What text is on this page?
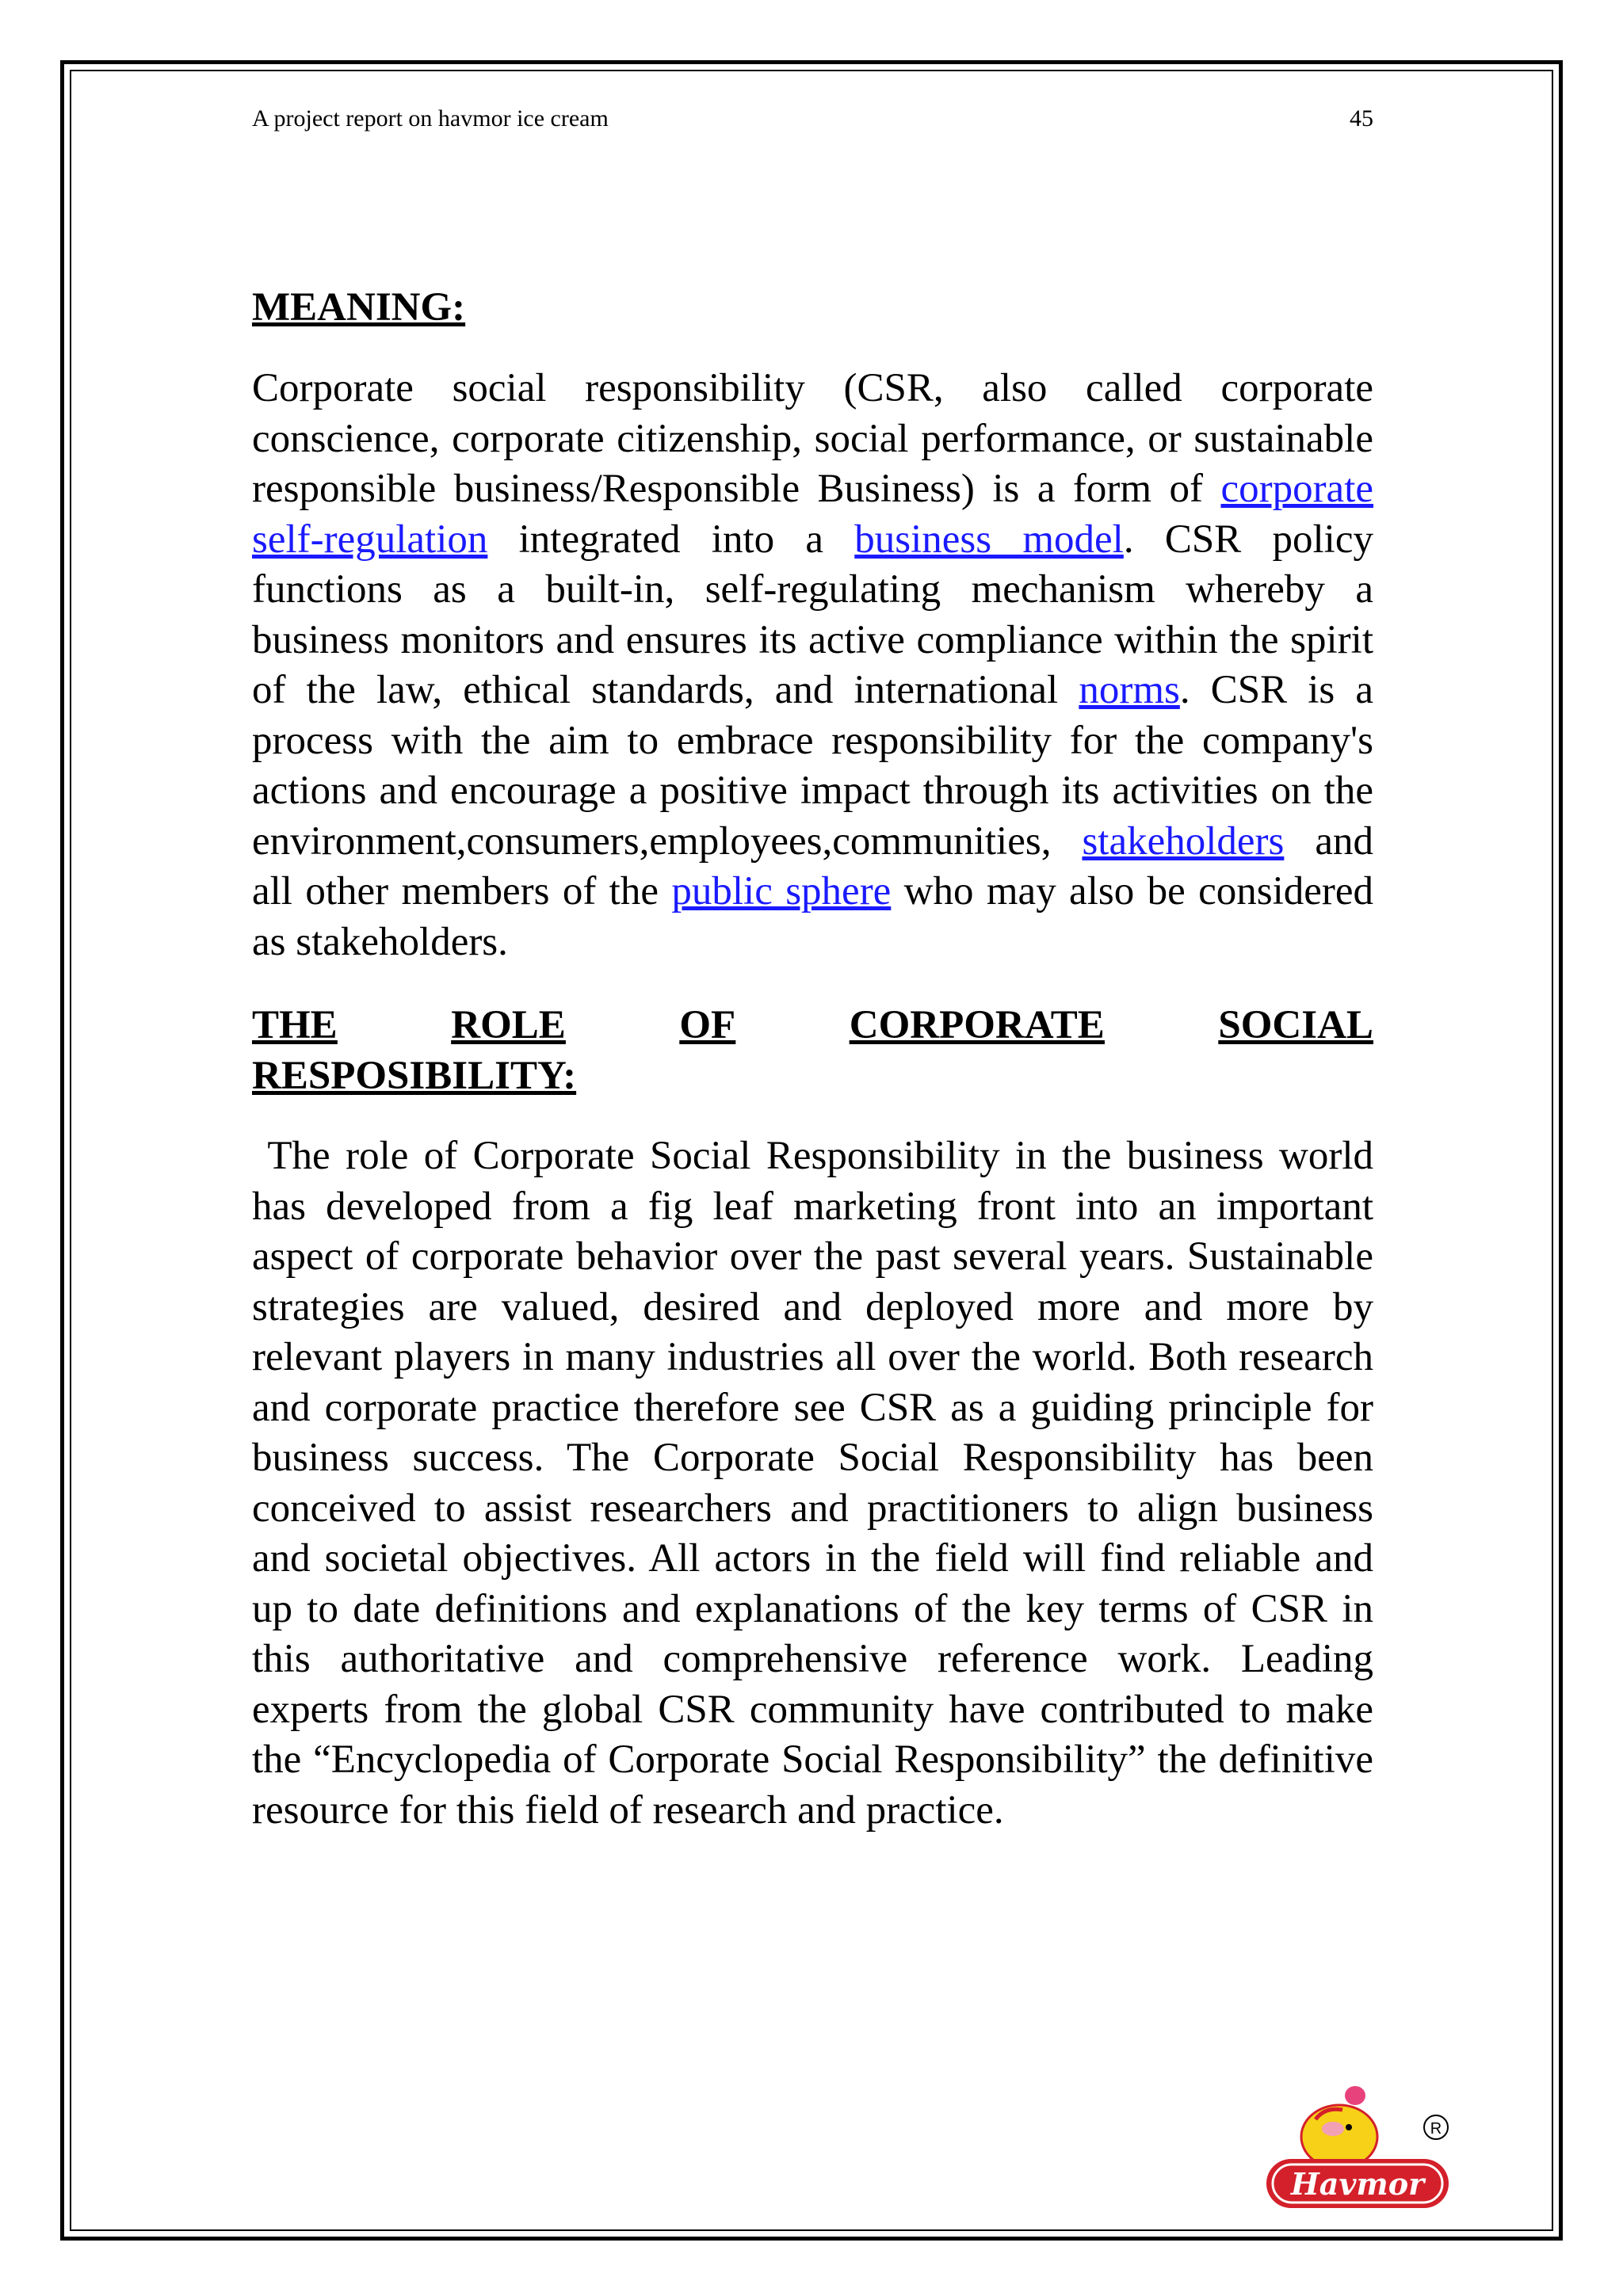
A project report on havmor ice cream	45
MEANING:

Corporate social responsibility (CSR, also called corporate conscience, corporate citizenship, social performance, or sustainable responsible business/Responsible Business) is a form of corporate self-regulation integrated into a business model. CSR policy functions as a built-in, self-regulating mechanism whereby a business monitors and ensures its active compliance within the spirit of the law, ethical standards, and international norms. CSR is a process with the aim to embrace responsibility for the company's actions and encourage a positive impact through its activities on the environment,consumers,employees,communities, stakeholders and all other members of the public sphere who may also be considered as stakeholders.

THE	ROLE	OF	CORPORATE	SOCIAL
RESPOSIBILITY:

The role of Corporate Social Responsibility in the business world has developed from a fig leaf marketing front into an important aspect of corporate behavior over the past several years. Sustainable strategies are valued, desired and deployed more and more by relevant players in many industries all over the world. Both research and corporate practice therefore see CSR as a guiding principle for business success. The Corporate Social Responsibility has been conceived to assist researchers and practitioners to align business and societal objectives. All actors in the field will find reliable and up to date definitions and explanations of the key terms of CSR in this authoritative and comprehensive reference work. Leading experts from the global CSR community have contributed to make the “Encyclopedia of Corporate Social Responsibility” the definitive resource for this field of research and practice.

Havmor
R
